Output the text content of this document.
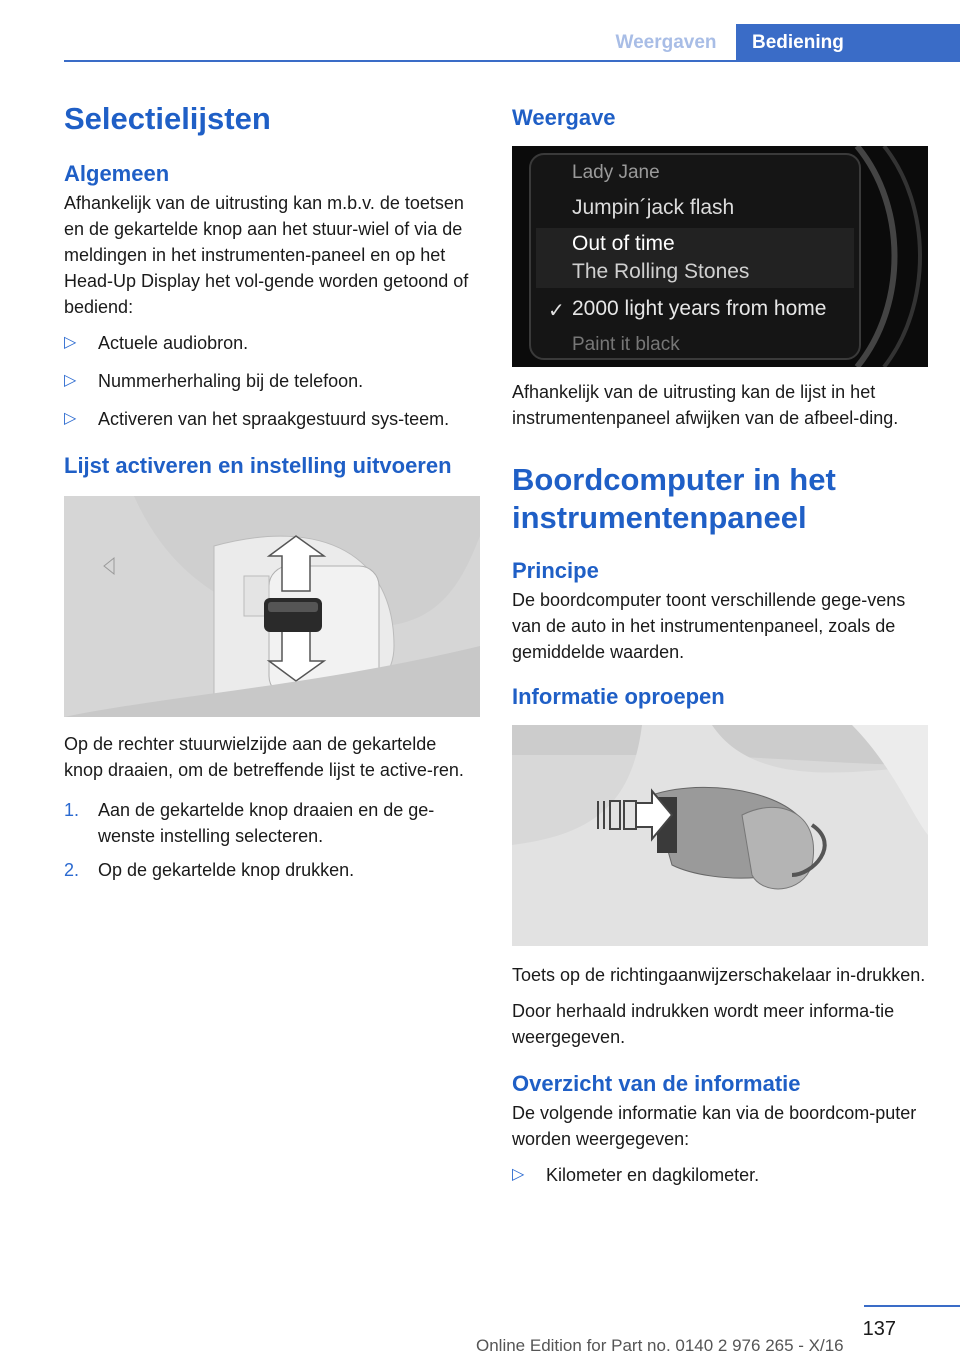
Weergaven	Bediening
Selectielijsten
Algemeen

Afhankelijk van de uitrusting kan m.b.v. de toetsen en de gekartelde knop aan het stuur-wiel of via de meldingen in het instrumenten-paneel en op het Head-Up Display het vol-gende worden getoond of bediend:

▷ Actuele audiobron.
▷ Nummerherhaling bij de telefoon.
▷ Activeren van het spraakgestuurd sys-teem.
Lijst activeren en instelling uitvoeren

Op de rechter stuurwielzijde aan de gekartelde knop draaien, om de betreffende lijst te active-ren.

1. Aan de gekartelde knop draaien en de ge-wenste instelling selecteren.
2. Op de gekartelde knop drukken.
Weergave
Lady Jane
Jumpin´jack flash
Out of time
The Rolling Stones
✓ 2000 light years from home
Paint it black

Afhankelijk van de uitrusting kan de lijst in het instrumentenpaneel afwijken van de afbeel-ding.

Boordcomputer in het instrumentenpaneel
Principe

De boordcomputer toont verschillende gege-vens van de auto in het instrumentenpaneel, zoals de gemiddelde waarden.

Informatie oproepen

Toets op de richtingaanwijzerschakelaar in-drukken.

Door herhaald indrukken wordt meer informa-tie weergegeven.

Overzicht van de informatie

De volgende informatie kan via de boordcom-puter worden weergegeven:

▷ Kilometer en dagkilometer.
137
Online Edition for Part no. 0140 2 976 265 - X/16
